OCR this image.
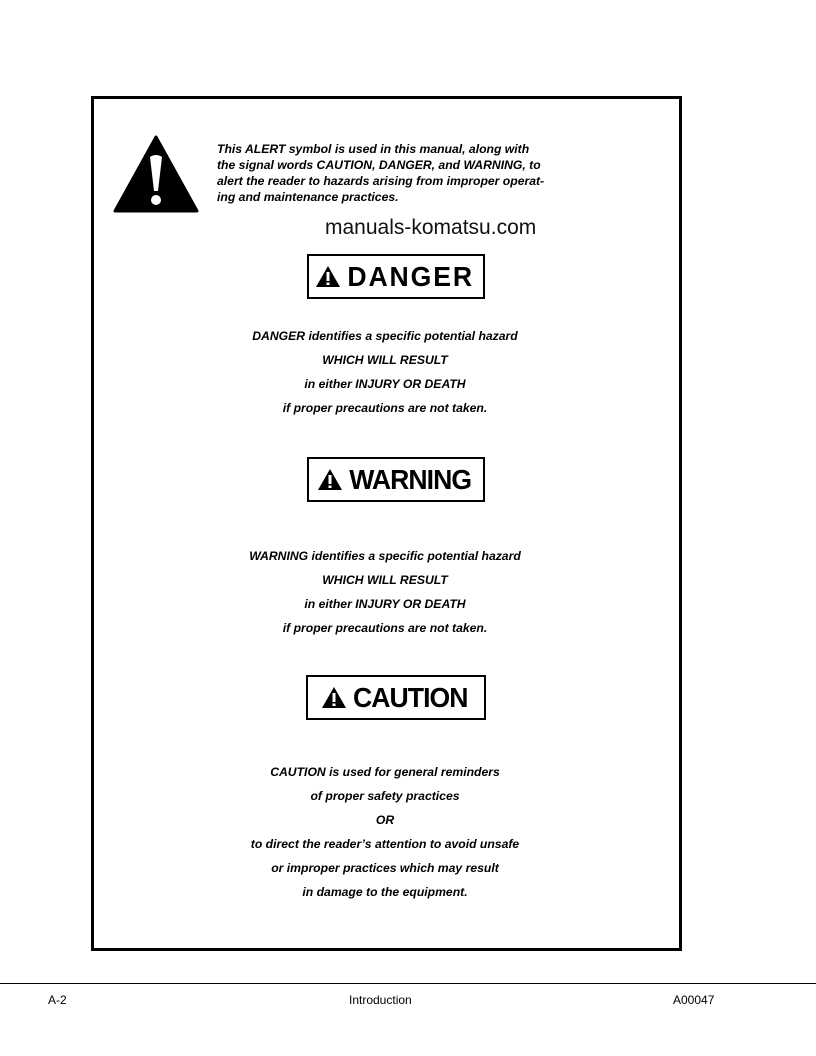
This ALERT symbol is used in this manual, along with
the signal words CAUTION, DANGER, and WARNING, to
alert the reader to hazards arising from improper operat-
ing and maintenance practices.
manuals-komatsu.com
DANGER
DANGER identifies a specific potential hazard
WHICH WILL RESULT
in either INJURY OR DEATH
if proper precautions are not taken.
WARNING
WARNING identifies a specific potential hazard
WHICH WILL RESULT
in either INJURY OR DEATH
if proper precautions are not taken.
CAUTION
CAUTION is used for general reminders
of proper safety practices
OR
to direct the reader’s attention to avoid unsafe
or improper practices which may result
in damage to the equipment.
A-2	Introduction	A00047
